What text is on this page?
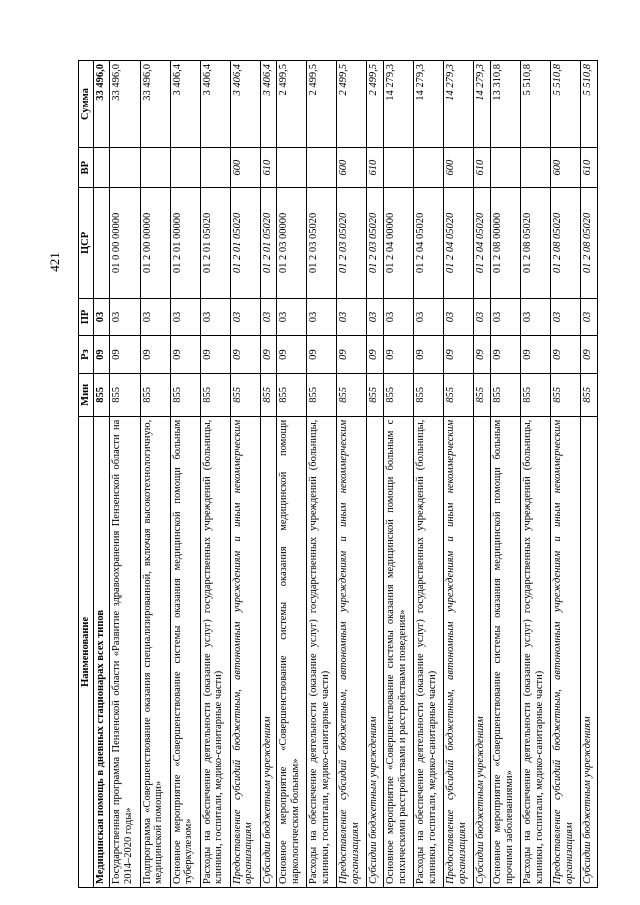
421
Наименование	Мин	Рз	ПР	ЦСР	ВР	Сумма
Медицинская помощь в дневных стационарах всех типов	855	09	03			33 496,0
Государственная программа Пензенской области «Развитие здравоохранения Пензенской области на 2014–2020 годы»	855	09	03	01 0 00 00000		33 496,0
Подпрограмма «Совершенствование оказания специализированной, включая высокотехнологичную, медицинской помощи»	855	09	03	01 2 00 00000		33 496,0
Основное мероприятие «Совершенствование системы оказания медицинской помощи больным туберкулезом»	855	09	03	01 2 01 00000		3 406,4
Расходы на обеспечение деятельности (оказание услуг) государственных учреждений (больницы, клиники, госпитали, медико-санитарные части)	855	09	03	01 2 01 05020		3 406,4
Предоставление субсидий бюджетным, автономным учреждениям и иным некоммерческим организациям	855	09	03	01 2 01 05020	600	3 406,4
Субсидии бюджетным учреждениям	855	09	03	01 2 01 05020	610	3 406,4
Основное мероприятие «Совершенствование системы оказания медицинской помощи наркологическим больным»	855	09	03	01 2 03 00000		2 499,5
Расходы на обеспечение деятельности (оказание услуг) государственных учреждений (больницы, клиники, госпитали, медико-санитарные части)	855	09	03	01 2 03 05020		2 499,5
Предоставление субсидий бюджетным, автономным учреждениям и иным некоммерческим организациям	855	09	03	01 2 03 05020	600	2 499,5
Субсидии бюджетным учреждениям	855	09	03	01 2 03 05020	610	2 499,5
Основное мероприятие «Совершенствование системы оказания медицинской помощи больным с психическими расстройствами и расстройствами поведения»	855	09	03	01 2 04 00000		14 279,3
Расходы на обеспечение деятельности (оказание услуг) государственных учреждений (больницы, клиники, госпитали, медико-санитарные части)	855	09	03	01 2 04 05020		14 279,3
Предоставление субсидий бюджетным, автономным учреждениям и иным некоммерческим организациям	855	09	03	01 2 04 05020	600	14 279,3
Субсидии бюджетным учреждениям	855	09	03	01 2 04 05020	610	14 279,3
Основное мероприятие «Совершенствование системы оказания медицинской помощи больным прочими заболеваниями»	855	09	03	01 2 08 00000		13 310,8
Расходы на обеспечение деятельности (оказание услуг) государственных учреждений (больницы, клиники, госпитали, медико-санитарные части)	855	09	03	01 2 08 05020		5 510,8
Предоставление субсидий бюджетным, автономным учреждениям и иным некоммерческим организациям	855	09	03	01 2 08 05020	600	5 510,8
Субсидии бюджетным учреждениям	855	09	03	01 2 08 05020	610	5 510,8
